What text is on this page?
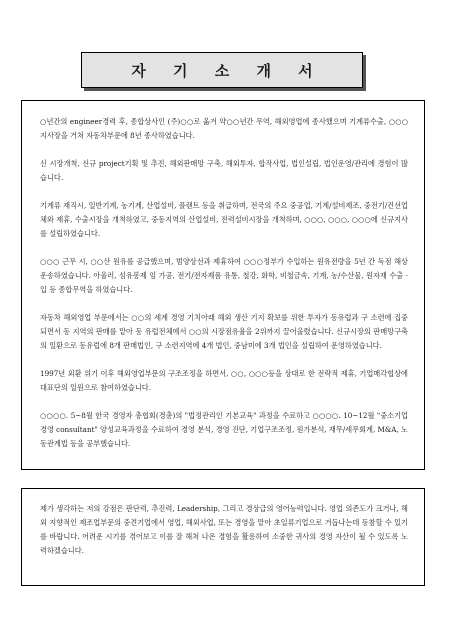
자 기 소 개 서

○년간의 engineer경력 후, 종합상사인 (주)○○로 옮겨 약○○년간 무역, 해외영업에 종사했으며 기계류수출, ○○○지사장을 거쳐 자동차부문에 8년 종사하였습니다.

신 시장개척, 신규 project기획 및 추진, 해외판매망 구축, 해외투자, 합작사업, 법인설립, 법인운영/관리에 경험이 많습니다.

기계류 재직시, 일반기계, 농기계, 산업설비, 플랜트 등을 취급하며, 전국의 주요 중공업, 기계/설비제조, 중전기/건선업체와 제휴, 수출시장을 개척하였고, 중동지역의 산업설비, 전력설비시장을 개척하며, ○○○, ○○○, ○○○에 신규지사를 설립하였습니다.

○○○ 근무 시, ○○산 원유를 공급했으며, 범양상선과 제휴하여 ○○○정부가 수입하는 원유전량을 5년 간 독점 해상 운송하였습니다. 아울러, 섬유봉제 임 가공, 전기/전자제품 유통, 철강, 화학, 비철금속, 기계, 농/수산물, 원자재 수출 · 입 등 종합무역을 하였습니다.

자동차 해외영업 부문에서는 ○○의 세계 경영 기치아래 해외 생산 기지 확보를 위한 투자가 동유럽과 구 소련에 집중되면서 동 지역의 판매를 맡아 동 유럽전체에서 ○○의 시장점유율을 2위까지 끌어올렸습니다. 신규시장의 판매망구축의 일환으로 동유럽에 8개 판매법인, 구 소련지역에 4개 법인, 중남미에 3개 법인을 설립하여 운영하였습니다.

1997년 외환 위기 이후 해외영업부문의 구조조정을 하면서, ○○, ○○○등을 상대로 한 전략적 제휴, 기업매각협상에 대표단의 일원으로 참여하였습니다.

○○○○. 5~8월 한국 경영자 총협회(경총)의 "법정관리인 기본교육" 과정을 수료하고 ○○○○. 10~12월 "중소기업 경영 consultant" 양성교육과정을 수료하여 경영 분석, 경영 진단, 기업구조조정, 원가분석, 재무/세무회계, M&A, 노동관계법 등을 공부했습니다.

제가 생각하는 저의 강점은 판단력, 추진력, Leadership, 그리고 경상급의 영어능력입니다. 영업 의존도가 크거나, 해외 지향적인 제조업부문의 중견기업에서 영업, 해외사업, 또는 경영을 맡아 초일류기업으로 거듭나는데 동참할 수 있기를 바랍니다. 어려운 시기를 겪어보고 이를 잘 해쳐 나온 경험을 활용하여 소중한 귀사의 경영 자산이 될 수 있도록 노력하겠습니다.
